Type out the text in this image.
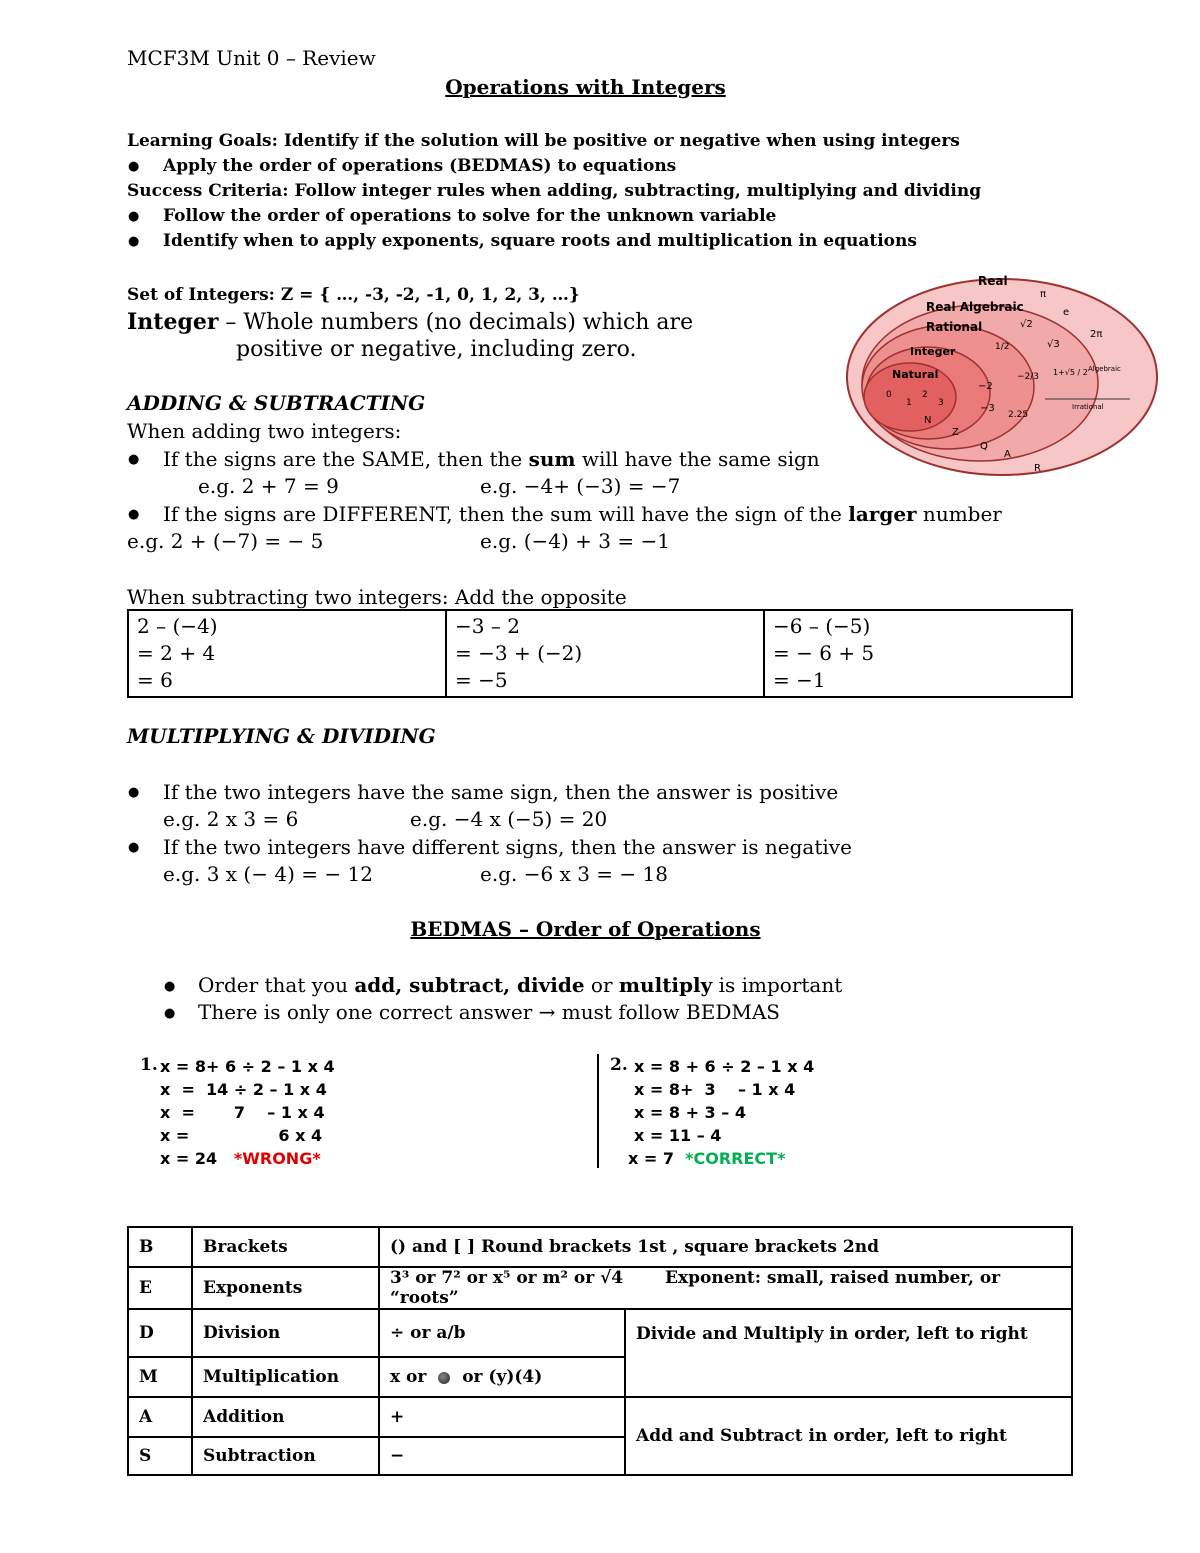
MCF3M Unit 0 – Review
Operations with Integers
Learning Goals: Identify if the solution will be positive or negative when using integers
● Apply the order of operations (BEDMAS) to equations
Success Criteria: Follow integer rules when adding, subtracting, multiplying and dividing
● Follow the order of operations to solve for the unknown variable
● Identify when to apply exponents, square roots and multiplication in equations
Set of Integers: Z = { …, -3, -2, -1, 0, 1, 2, 3, …}
Integer – Whole numbers (no decimals) which are
positive or negative, including zero.
Real
Real Algebraic
Rational
Integer
Natural
π
e
√2
2π
√3
1/2
−2
−2/3
−3
2.25
1+√5 / 2 Algebraic
Irrational
0	2
1	3
N
Z
Q
A
R
ADDING & SUBTRACTING
When adding two integers:
● If the signs are the SAME, then the sum will have the same sign
e.g. 2 + 7 = 9	e.g. −4+ (−3) = −7
● If the signs are DIFFERENT, then the sum will have the sign of the larger number
e.g. 2 + (−7) = − 5	e.g. (−4) + 3 = −1
When subtracting two integers: Add the opposite
2 – (−4)
= 2 + 4
= 6

−3 – 2
= −3 + (−2)
= −5

−6 – (−5)
= − 6 + 5
= −1
MULTIPLYING & DIVIDING
● If the two integers have the same sign, then the answer is positive
e.g. 2 x 3 = 6	e.g. −4 x (−5) = 20
● If the two integers have different signs, then the answer is negative
e.g. 3 x (− 4) = − 12	e.g. −6 x 3 = − 18
BEDMAS – Order of Operations
● Order that you add, subtract, divide or multiply is important
● There is only one correct answer → must follow BEDMAS
1. x = 8+ 6 ÷ 2 – 1 x 4
x  =  14 ÷ 2 – 1 x 4
x  =       7    – 1 x 4
x =                6 x 4
x = 24 *WRONG*
2. x = 8 + 6 ÷ 2 – 1 x 4
x = 8+  3    – 1 x 4
x = 8 + 3 – 4
x = 11 – 4
x = 7 *CORRECT*
B	Brackets	() and [ ] Round brackets 1st , square brackets 2nd	
E	Exponents	3³ or 7² or x⁵ or m² or √4 Exponent: small, raised number, or “roots”	
D	Division	÷ or a/b	Divide and Multiply in order, left to right
M	Multiplication	x or or (y)(4)	
A	Addition	+	Add and Subtract in order, left to right
S	Subtraction	−	
